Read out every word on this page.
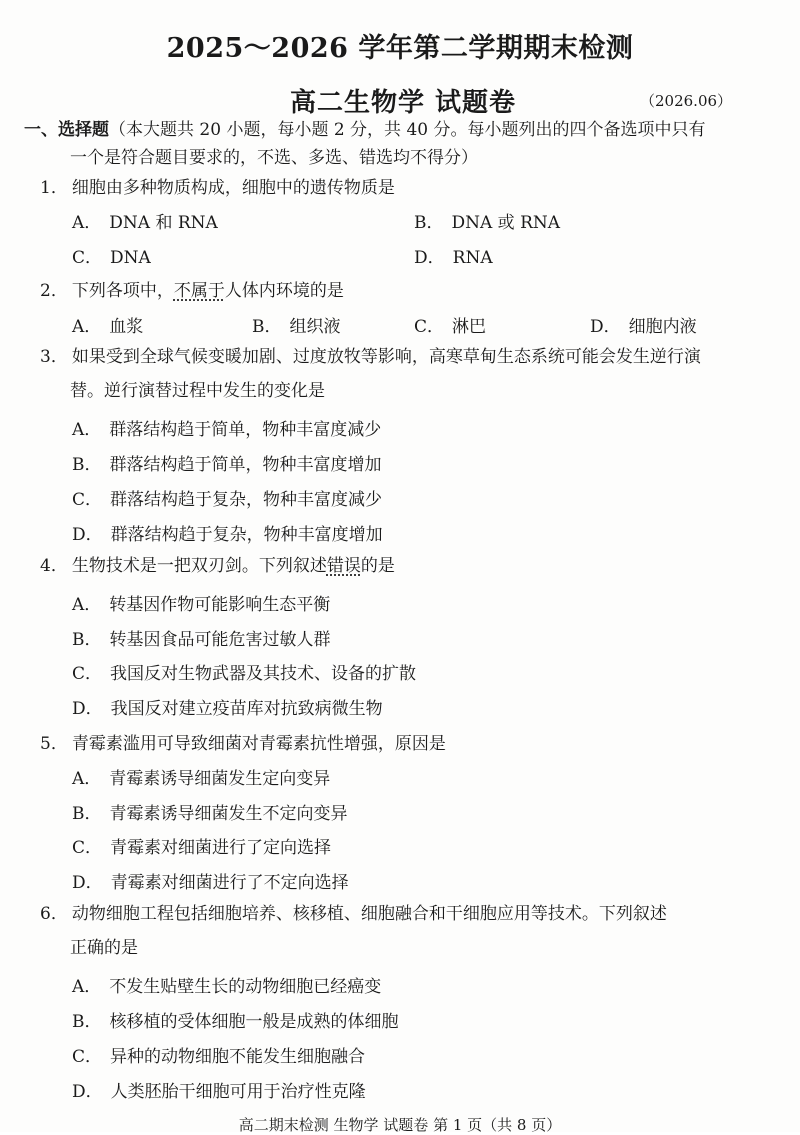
2025～2026 学年第二学期期末检测
高二生物学 试题卷	（2026.06）
一、选择题（本大题共 20 小题，每小题 2 分，共 40 分。每小题列出的四个备选项中只有
一个是符合题目要求的，不选、多选、错选均不得分）
1． 细胞由多种物质构成，细胞中的遗传物质是
A． DNA 和 RNA	B． DNA 或 RNA
C． DNA	D． RNA
2． 下列各项中，不属于人体内环境的是
A． 血浆	B． 组织液	C． 淋巴	D． 细胞内液
3． 如果受到全球气候变暖加剧、过度放牧等影响，高寒草甸生态系统可能会发生逆行演
替。逆行演替过程中发生的变化是
A． 群落结构趋于简单，物种丰富度减少
B． 群落结构趋于简单，物种丰富度增加
C． 群落结构趋于复杂，物种丰富度减少
D． 群落结构趋于复杂，物种丰富度增加
4． 生物技术是一把双刃剑。下列叙述错误的是
A． 转基因作物可能影响生态平衡
B． 转基因食品可能危害过敏人群
C． 我国反对生物武器及其技术、设备的扩散
D． 我国反对建立疫苗库对抗致病微生物
5． 青霉素滥用可导致细菌对青霉素抗性增强，原因是
A． 青霉素诱导细菌发生定向变异
B． 青霉素诱导细菌发生不定向变异
C． 青霉素对细菌进行了定向选择
D． 青霉素对细菌进行了不定向选择
6． 动物细胞工程包括细胞培养、核移植、细胞融合和干细胞应用等技术。下列叙述
正确的是
A． 不发生贴壁生长的动物细胞已经癌变
B． 核移植的受体细胞一般是成熟的体细胞
C． 异种的动物细胞不能发生细胞融合
D． 人类胚胎干细胞可用于治疗性克隆
高二期末检测 生物学 试题卷 第 1 页（共 8 页）
